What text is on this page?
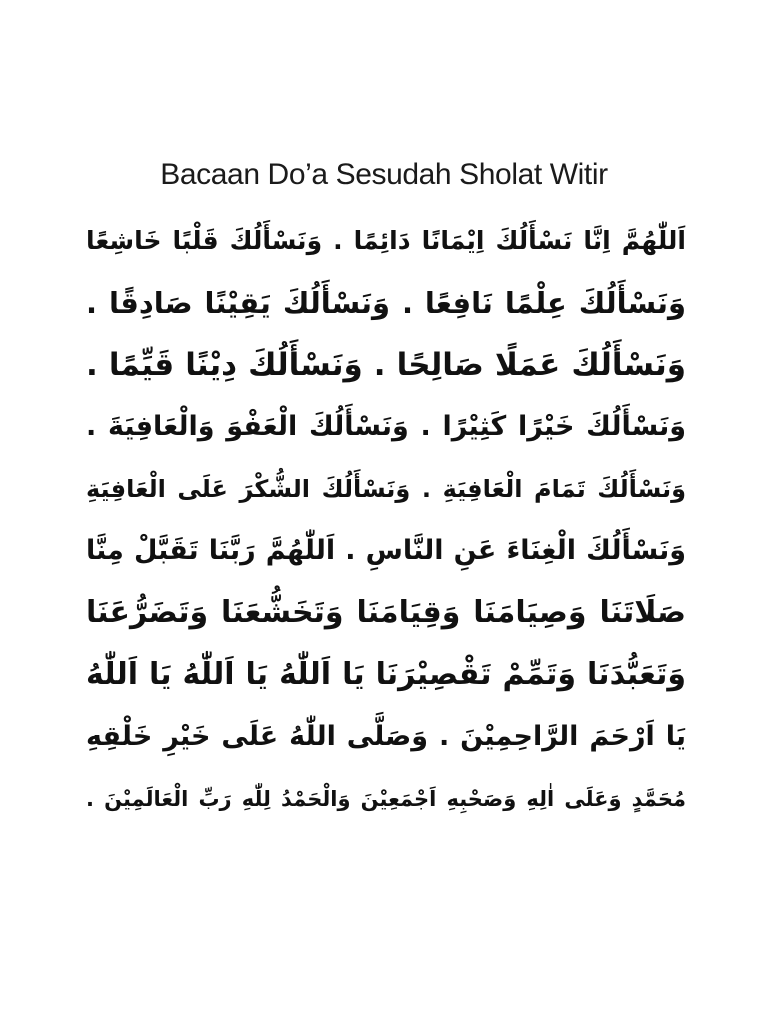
Bacaan Do’a Sesudah Sholat Witir
اَللّٰهُمَّ اِنَّا نَسْأَلُكَ اِيْمَانًا دَائِمًا . وَنَسْأَلُكَ قَلْبًا خَاشِعًا
وَنَسْأَلُكَ عِلْمًا نَافِعًا . وَنَسْأَلُكَ يَقِيْنًا صَادِقًا .
وَنَسْأَلُكَ عَمَلًا صَالِحًا . وَنَسْأَلُكَ دِيْنًا قَيِّمًا .
وَنَسْأَلُكَ خَيْرًا كَثِيْرًا . وَنَسْأَلُكَ الْعَفْوَ وَالْعَافِيَةَ .
وَنَسْأَلُكَ تَمَامَ الْعَافِيَةِ . وَنَسْأَلُكَ الشُّكْرَ عَلَى الْعَافِيَةِ
وَنَسْأَلُكَ الْغِنَاءَ عَنِ النَّاسِ . اَللّٰهُمَّ رَبَّنَا تَقَبَّلْ مِنَّا
صَلَاتَنَا وَصِيَامَنَا وَقِيَامَنَا وَتَخَشُّعَنَا وَتَضَرُّعَنَا
وَتَعَبُّدَنَا وَتَمِّمْ تَقْصِيْرَنَا يَا اَللّٰهُ يَا اَللّٰهُ يَا اَللّٰهُ
يَا اَرْحَمَ الرَّاحِمِيْنَ . وَصَلَّى اللّٰهُ عَلَى خَيْرِ خَلْقِهِ
مُحَمَّدٍ وَعَلَى اٰلِهِ وَصَحْبِهِ اَجْمَعِيْنَ وَالْحَمْدُ لِلّٰهِ رَبِّ الْعَالَمِيْنَ .
